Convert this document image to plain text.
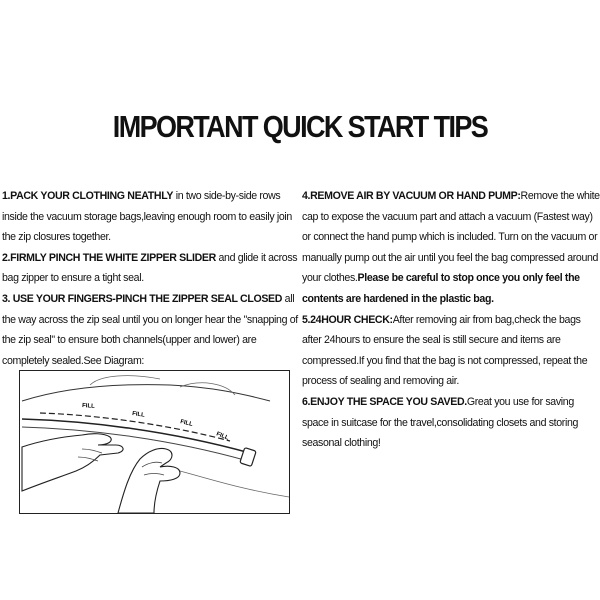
IMPORTANT QUICK START TIPS

1.PACK YOUR CLOTHING NEATHLY in two side-by-side rows inside the vacuum storage bags,leaving enough room to easily join the zip closures together.

2.FIRMLY PINCH THE WHITE ZIPPER SLIDER and glide it across bag zipper to ensure a tight seal.

3. USE YOUR FINGERS-PINCH THE ZIPPER SEAL CLOSED all the way across the zip seal until you on longer hear the "snapping of the zip seal" to ensure both channels(upper and lower) are completely sealed.See Diagram:

FILL
FILL
FILL
FILL

4.REMOVE AIR BY VACUUM OR HAND PUMP:Remove the white cap to expose the vacuum part and attach a vacuum (Fastest way) or connect the hand pump which is included. Turn on the vacuum or manually pump out the air until you feel the bag compressed around your clothes.Please be careful to stop once you only feel the contents are hardened in the plastic bag.

5.24HOUR CHECK:After removing air from bag,check the bags after 24hours to ensure the seal is still secure and items are compressed.If you find that the bag is not compressed, repeat the process of sealing and removing air.

6.ENJOY THE SPACE YOU SAVED.Great you use for saving space in suitcase for the travel,consolidating closets and storing seasonal clothing!
